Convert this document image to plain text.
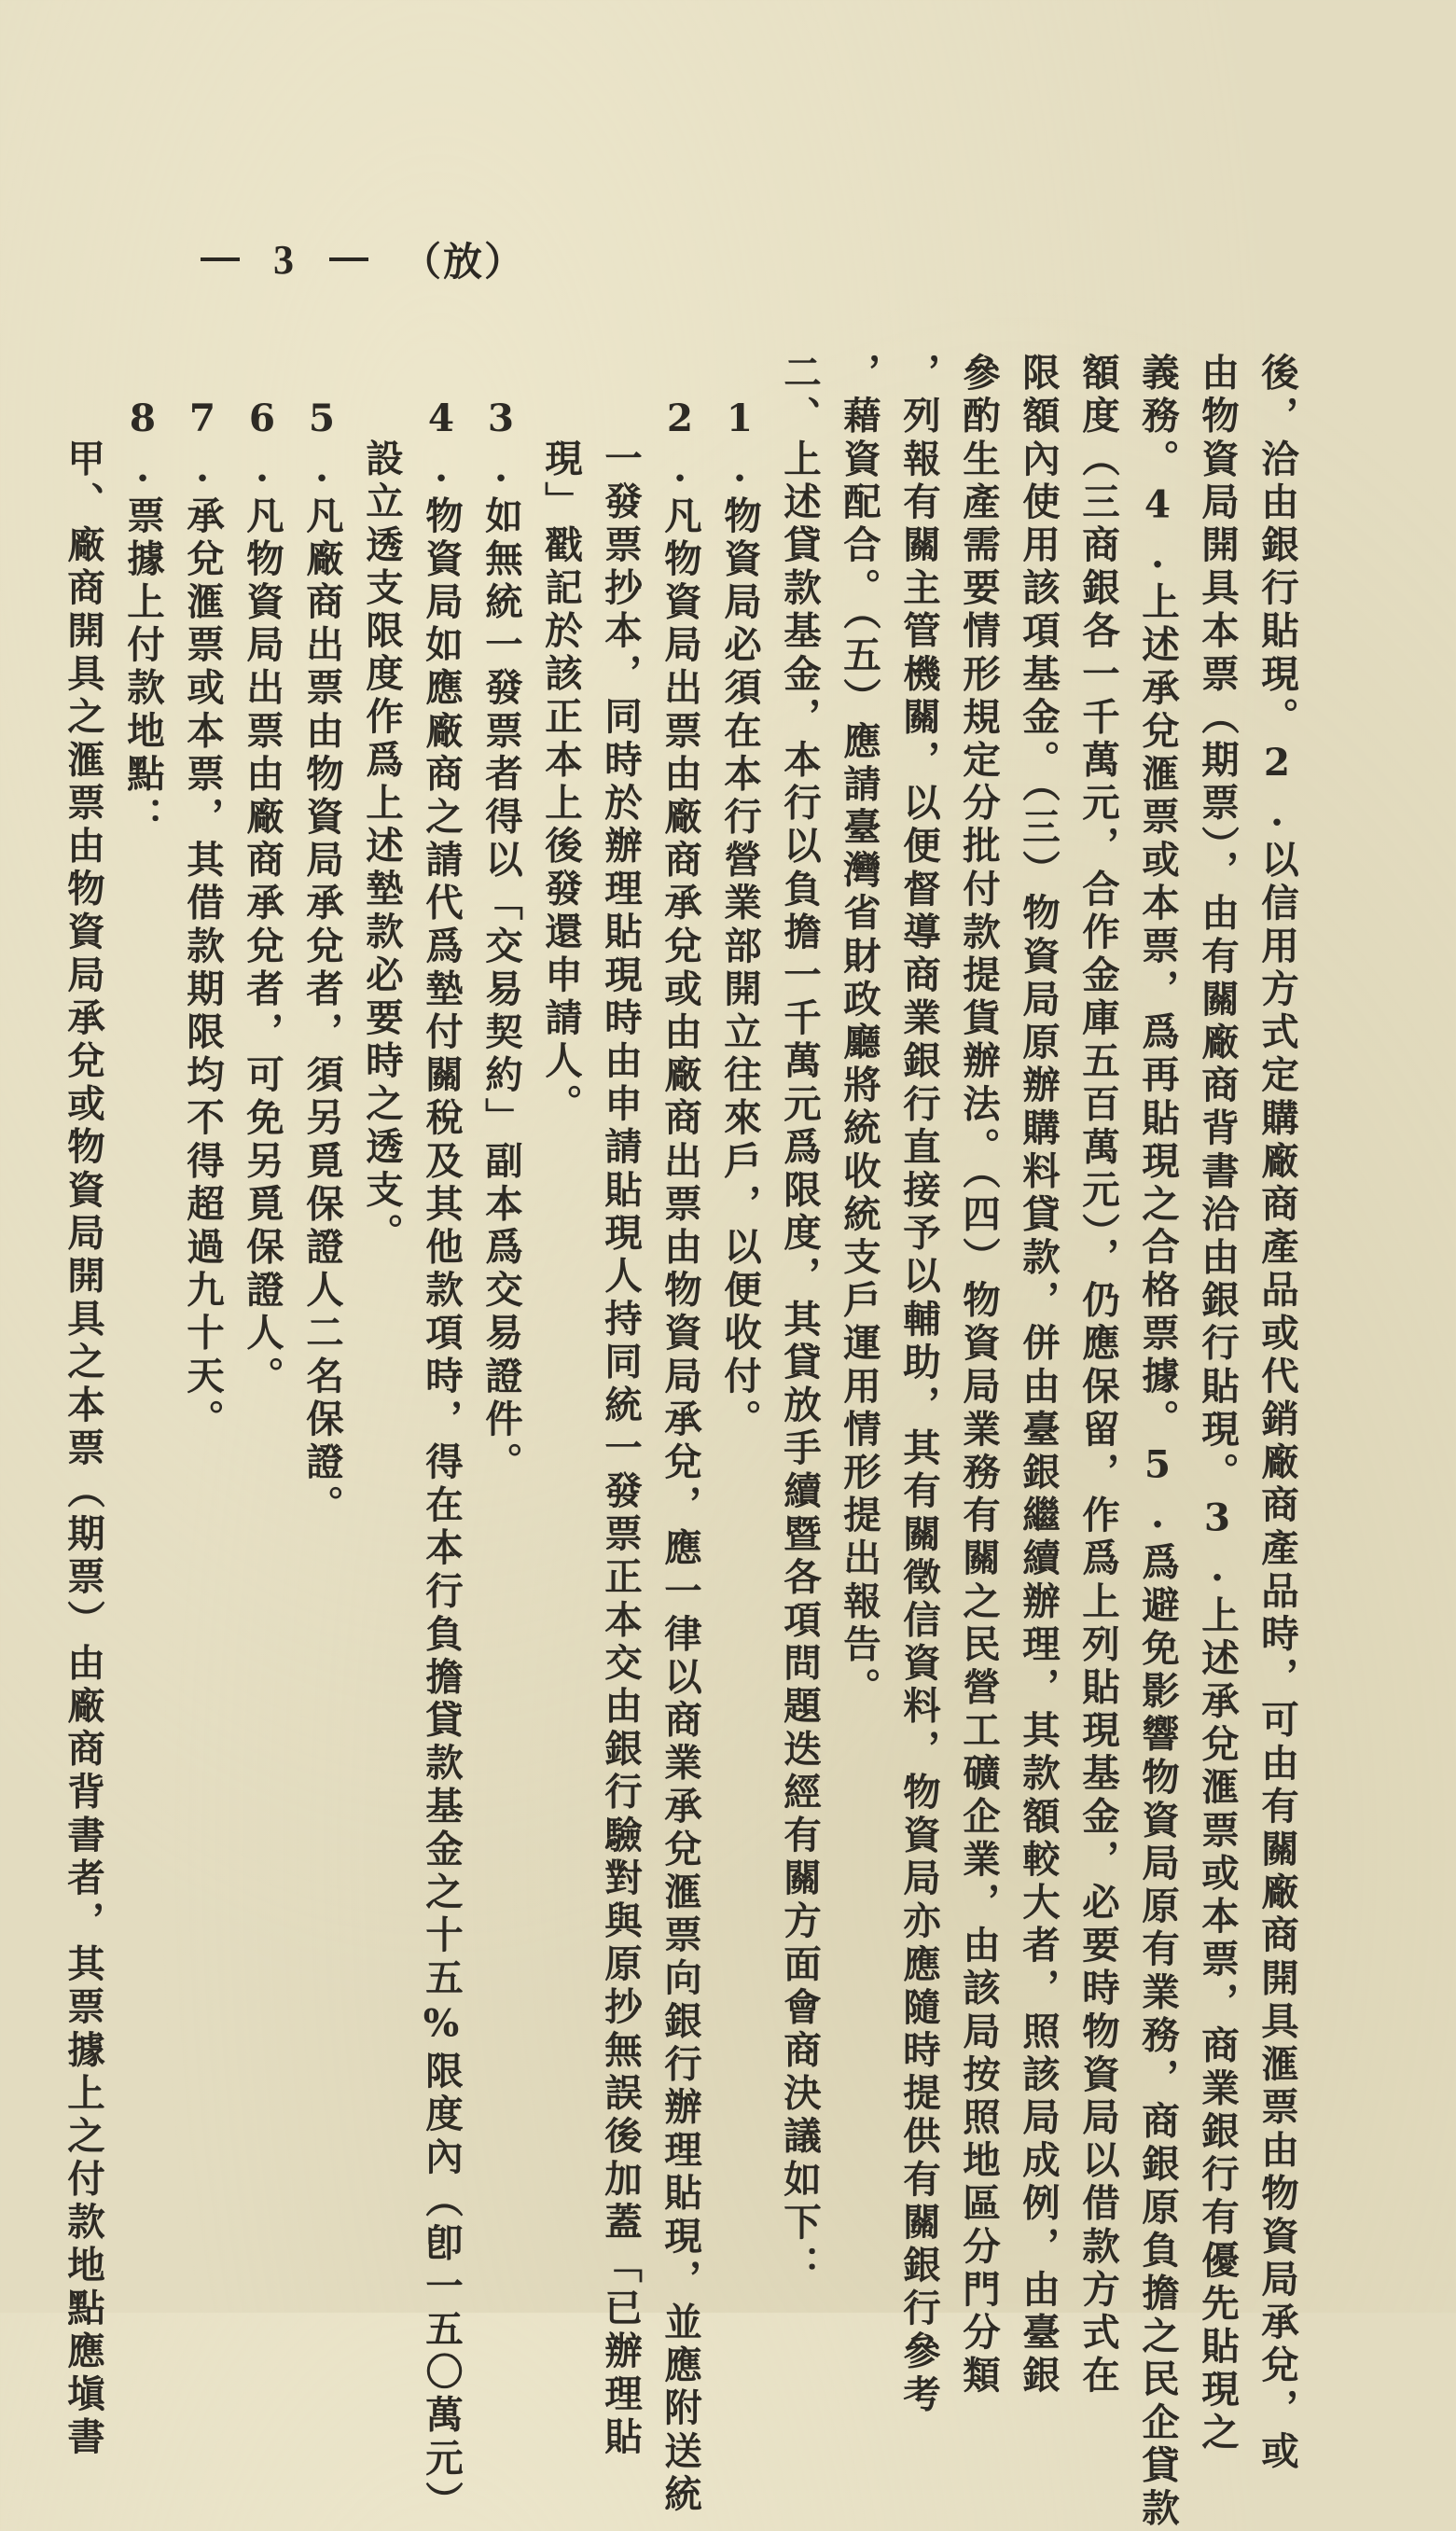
3	（放）
後，洽由銀行貼現。2.以信用方式定購廠商產品或代銷廠商產品時，可由有關廠商開具滙票由物資局承兌，或
由物資局開具本票（期票），由有關廠商背書洽由銀行貼現。3.上述承兌滙票或本票，商業銀行有優先貼現之
義務。4.上述承兌滙票或本票，爲再貼現之合格票據。5.爲避免影響物資局原有業務，商銀原負擔之民企貸款
額度（三商銀各一千萬元，合作金庫五百萬元），仍應保留，作爲上列貼現基金，必要時物資局以借款方式在
限額內使用該項基金。（三）物資局原辦購料貸款，併由臺銀繼續辦理，其款額較大者，照該局成例，由臺銀
參酌生產需要情形規定分批付款提貨辦法。（四）物資局業務有關之民營工礦企業，由該局按照地區分門分類
，列報有關主管機關，以便督導商業銀行直接予以輔助，其有關徵信資料，物資局亦應隨時提供有關銀行參考
，藉資配合。（五）應請臺灣省財政廳將統收統支戶運用情形提出報告。
二、上述貸款基金，本行以負擔一千萬元爲限度，其貸放手續暨各項問題迭經有關方面會商決議如下：
1.物資局必須在本行營業部開立往來戶，以便收付。
2.凡物資局出票由廠商承兌或由廠商出票由物資局承兌，應一律以商業承兌滙票向銀行辦理貼現，並應附送統
一發票抄本，同時於辦理貼現時由申請貼現人持同統一發票正本交由銀行驗對與原抄無誤後加蓋「已辦理貼
現」戳記於該正本上後發還申請人。
3.如無統一發票者得以「交易契約」副本爲交易證件。
4.物資局如應廠商之請代爲墊付關稅及其他款項時，得在本行負擔貸款基金之十五%限度內（卽一五〇萬元）
設立透支限度作爲上述墊款必要時之透支。
5.凡廠商出票由物資局承兌者，須另覓保證人二名保證。
6.凡物資局出票由廠商承兌者，可免另覓保證人。
7.承兌滙票或本票，其借款期限均不得超過九十天。
8.票據上付款地點：
甲、廠商開具之滙票由物資局承兌或物資局開具之本票（期票）由廠商背書者，其票據上之付款地點應塡書
